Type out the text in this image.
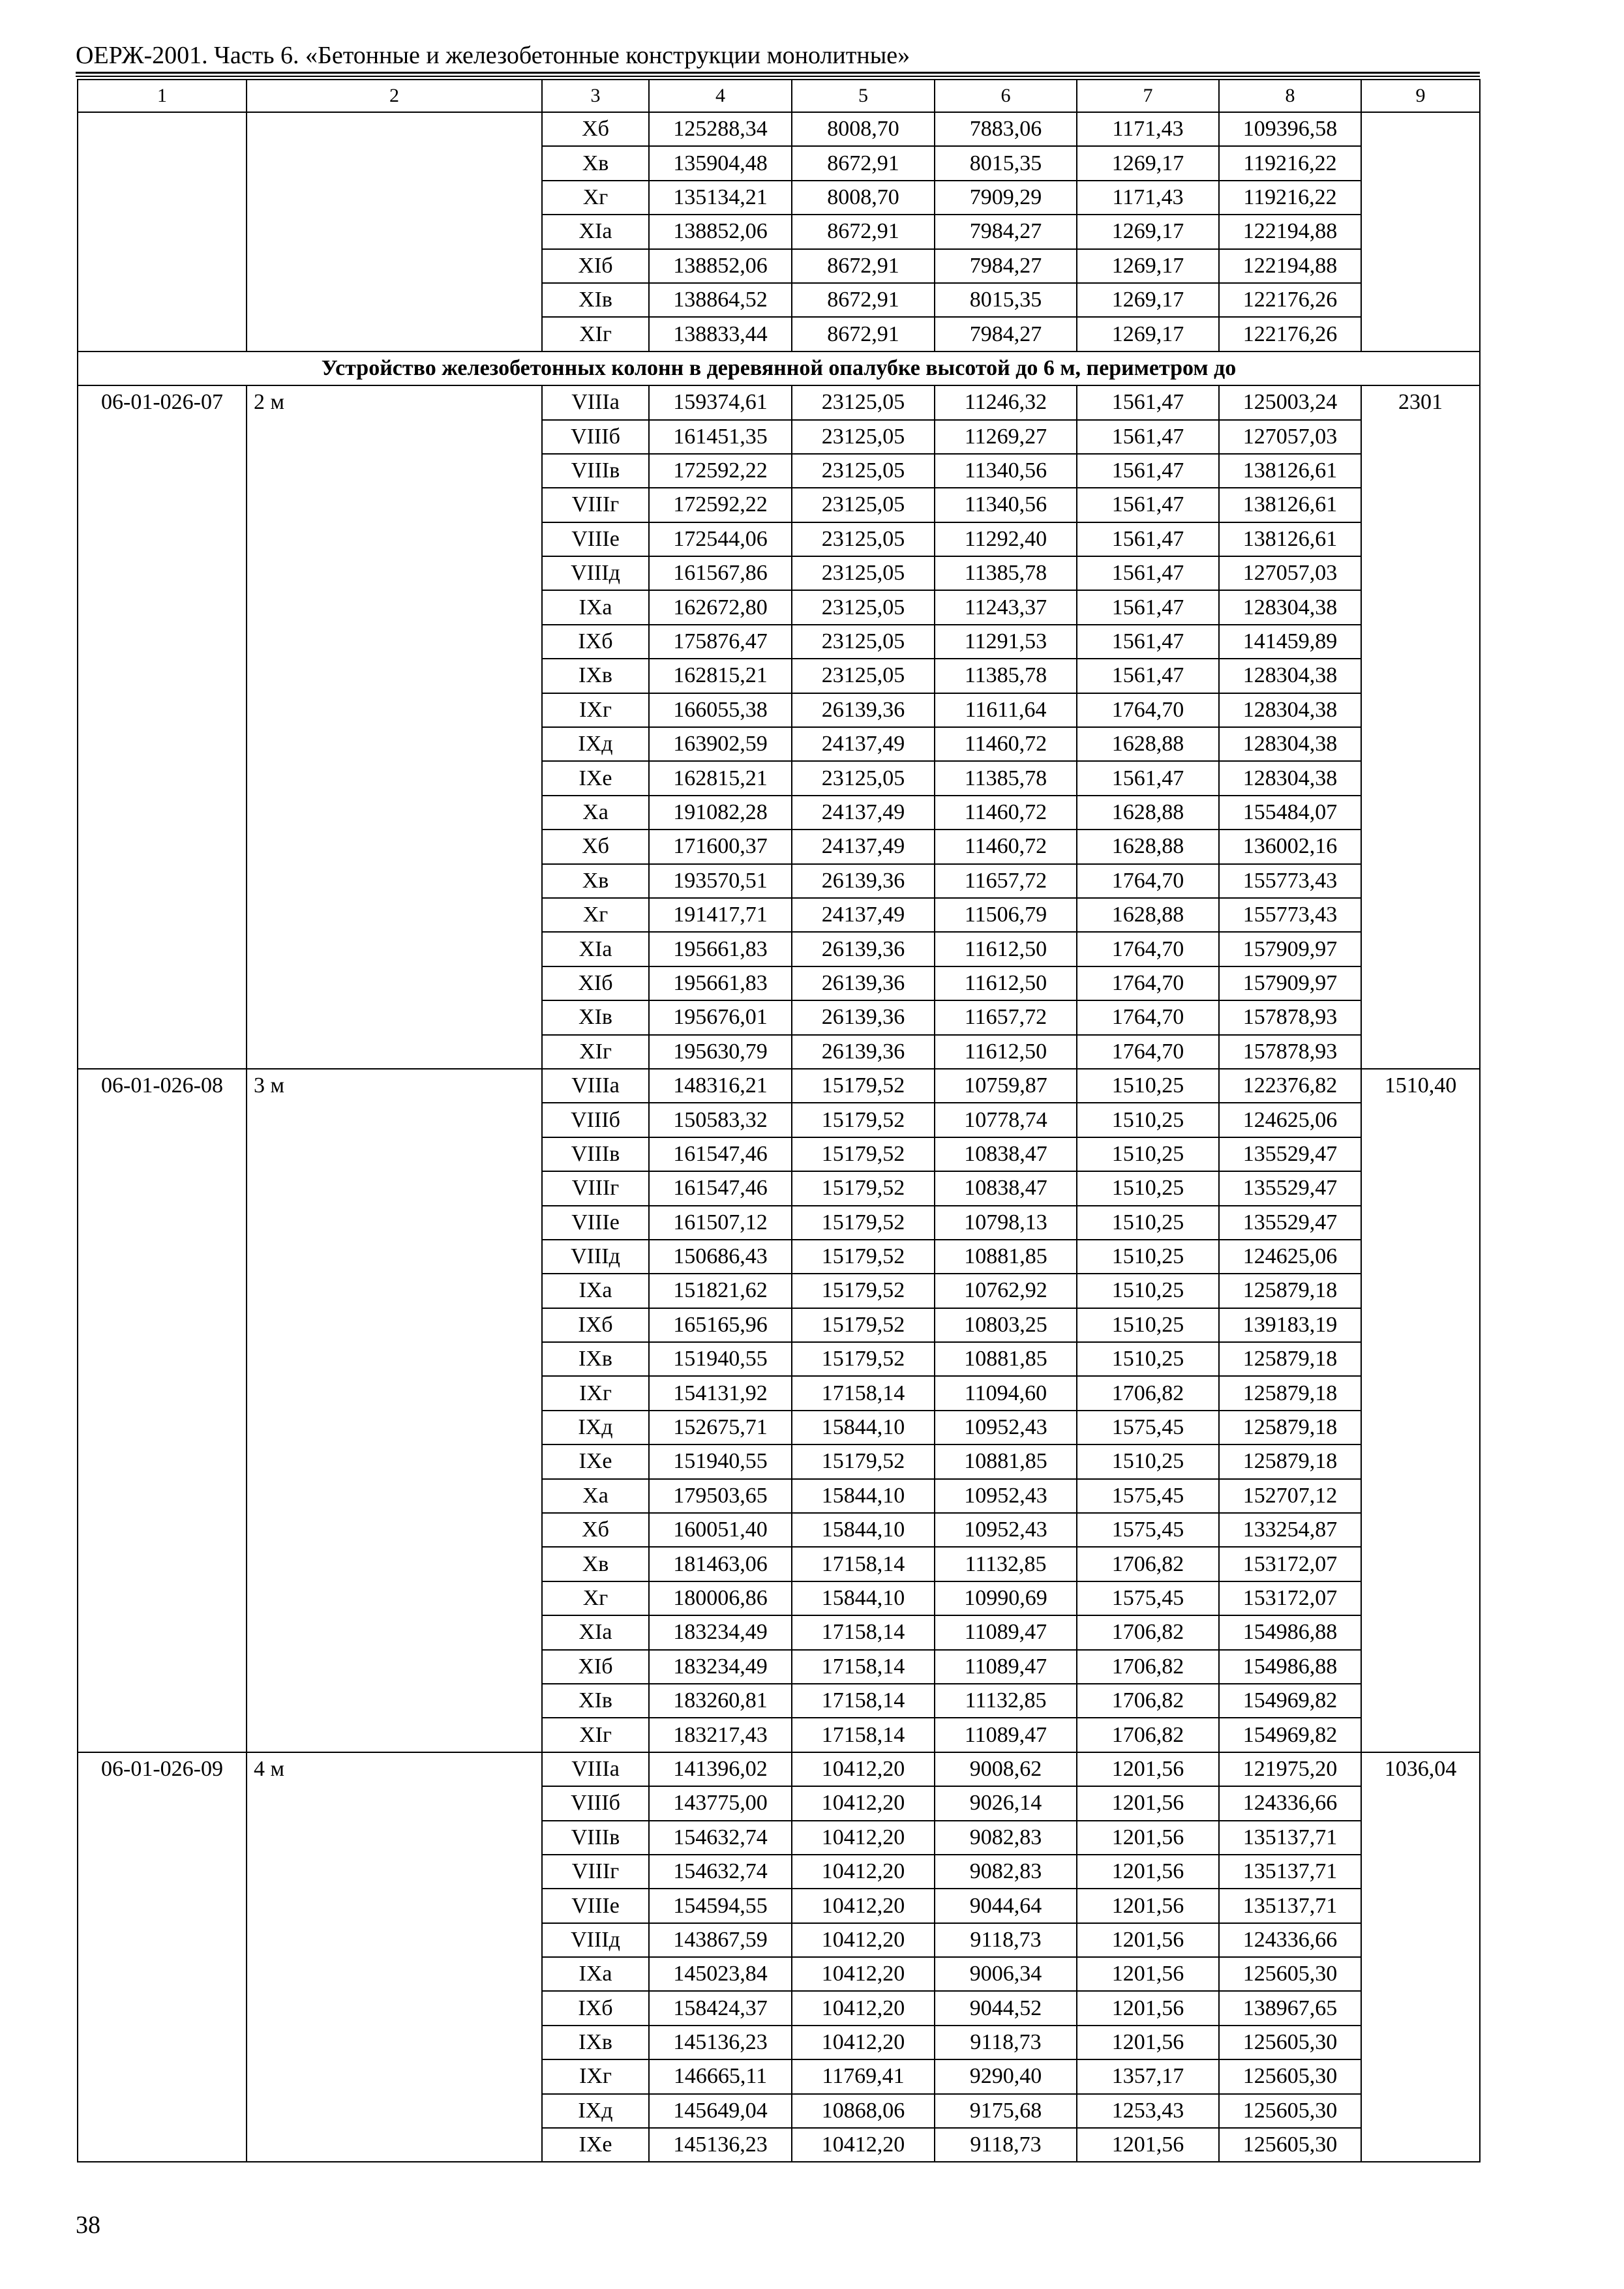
ОЕРЖ-2001. Часть 6. «Бетонные и железобетонные конструкции монолитные»
1	2	3	4	5	6	7	8	9
		Xб	125288,34	8008,70	7883,06	1171,43	109396,58	
		Xв	135904,48	8672,91	8015,35	1269,17	119216,22	
		Xг	135134,21	8008,70	7909,29	1171,43	119216,22	
		XIа	138852,06	8672,91	7984,27	1269,17	122194,88	
		XIб	138852,06	8672,91	7984,27	1269,17	122194,88	
		XIв	138864,52	8672,91	8015,35	1269,17	122176,26	
		XIг	138833,44	8672,91	7984,27	1269,17	122176,26	
Устройство железобетонных колонн в деревянной опалубке высотой до 6 м, периметром до								
06-01-026-07	2 м	VIIIа	159374,61	23125,05	11246,32	1561,47	125003,24	2301
		VIIIб	161451,35	23125,05	11269,27	1561,47	127057,03	
		VIIIв	172592,22	23125,05	11340,56	1561,47	138126,61	
		VIIIг	172592,22	23125,05	11340,56	1561,47	138126,61	
		VIIIе	172544,06	23125,05	11292,40	1561,47	138126,61	
		VIIIд	161567,86	23125,05	11385,78	1561,47	127057,03	
		IXа	162672,80	23125,05	11243,37	1561,47	128304,38	
		IXб	175876,47	23125,05	11291,53	1561,47	141459,89	
		IXв	162815,21	23125,05	11385,78	1561,47	128304,38	
		IXг	166055,38	26139,36	11611,64	1764,70	128304,38	
		IXд	163902,59	24137,49	11460,72	1628,88	128304,38	
		IXе	162815,21	23125,05	11385,78	1561,47	128304,38	
		Xа	191082,28	24137,49	11460,72	1628,88	155484,07	
		Xб	171600,37	24137,49	11460,72	1628,88	136002,16	
		Xв	193570,51	26139,36	11657,72	1764,70	155773,43	
		Xг	191417,71	24137,49	11506,79	1628,88	155773,43	
		XIа	195661,83	26139,36	11612,50	1764,70	157909,97	
		XIб	195661,83	26139,36	11612,50	1764,70	157909,97	
		XIв	195676,01	26139,36	11657,72	1764,70	157878,93	
		XIг	195630,79	26139,36	11612,50	1764,70	157878,93	
06-01-026-08	3 м	VIIIа	148316,21	15179,52	10759,87	1510,25	122376,82	1510,40
		VIIIб	150583,32	15179,52	10778,74	1510,25	124625,06	
		VIIIв	161547,46	15179,52	10838,47	1510,25	135529,47	
		VIIIг	161547,46	15179,52	10838,47	1510,25	135529,47	
		VIIIе	161507,12	15179,52	10798,13	1510,25	135529,47	
		VIIIд	150686,43	15179,52	10881,85	1510,25	124625,06	
		IXа	151821,62	15179,52	10762,92	1510,25	125879,18	
		IXб	165165,96	15179,52	10803,25	1510,25	139183,19	
		IXв	151940,55	15179,52	10881,85	1510,25	125879,18	
		IXг	154131,92	17158,14	11094,60	1706,82	125879,18	
		IXд	152675,71	15844,10	10952,43	1575,45	125879,18	
		IXе	151940,55	15179,52	10881,85	1510,25	125879,18	
		Xа	179503,65	15844,10	10952,43	1575,45	152707,12	
		Xб	160051,40	15844,10	10952,43	1575,45	133254,87	
		Xв	181463,06	17158,14	11132,85	1706,82	153172,07	
		Xг	180006,86	15844,10	10990,69	1575,45	153172,07	
		XIа	183234,49	17158,14	11089,47	1706,82	154986,88	
		XIб	183234,49	17158,14	11089,47	1706,82	154986,88	
		XIв	183260,81	17158,14	11132,85	1706,82	154969,82	
		XIг	183217,43	17158,14	11089,47	1706,82	154969,82	
06-01-026-09	4 м	VIIIа	141396,02	10412,20	9008,62	1201,56	121975,20	1036,04
		VIIIб	143775,00	10412,20	9026,14	1201,56	124336,66	
		VIIIв	154632,74	10412,20	9082,83	1201,56	135137,71	
		VIIIг	154632,74	10412,20	9082,83	1201,56	135137,71	
		VIIIе	154594,55	10412,20	9044,64	1201,56	135137,71	
		VIIIд	143867,59	10412,20	9118,73	1201,56	124336,66	
		IXа	145023,84	10412,20	9006,34	1201,56	125605,30	
		IXб	158424,37	10412,20	9044,52	1201,56	138967,65	
		IXв	145136,23	10412,20	9118,73	1201,56	125605,30	
		IXг	146665,11	11769,41	9290,40	1357,17	125605,30	
		IXд	145649,04	10868,06	9175,68	1253,43	125605,30	
		IXе	145136,23	10412,20	9118,73	1201,56	125605,30	
38
